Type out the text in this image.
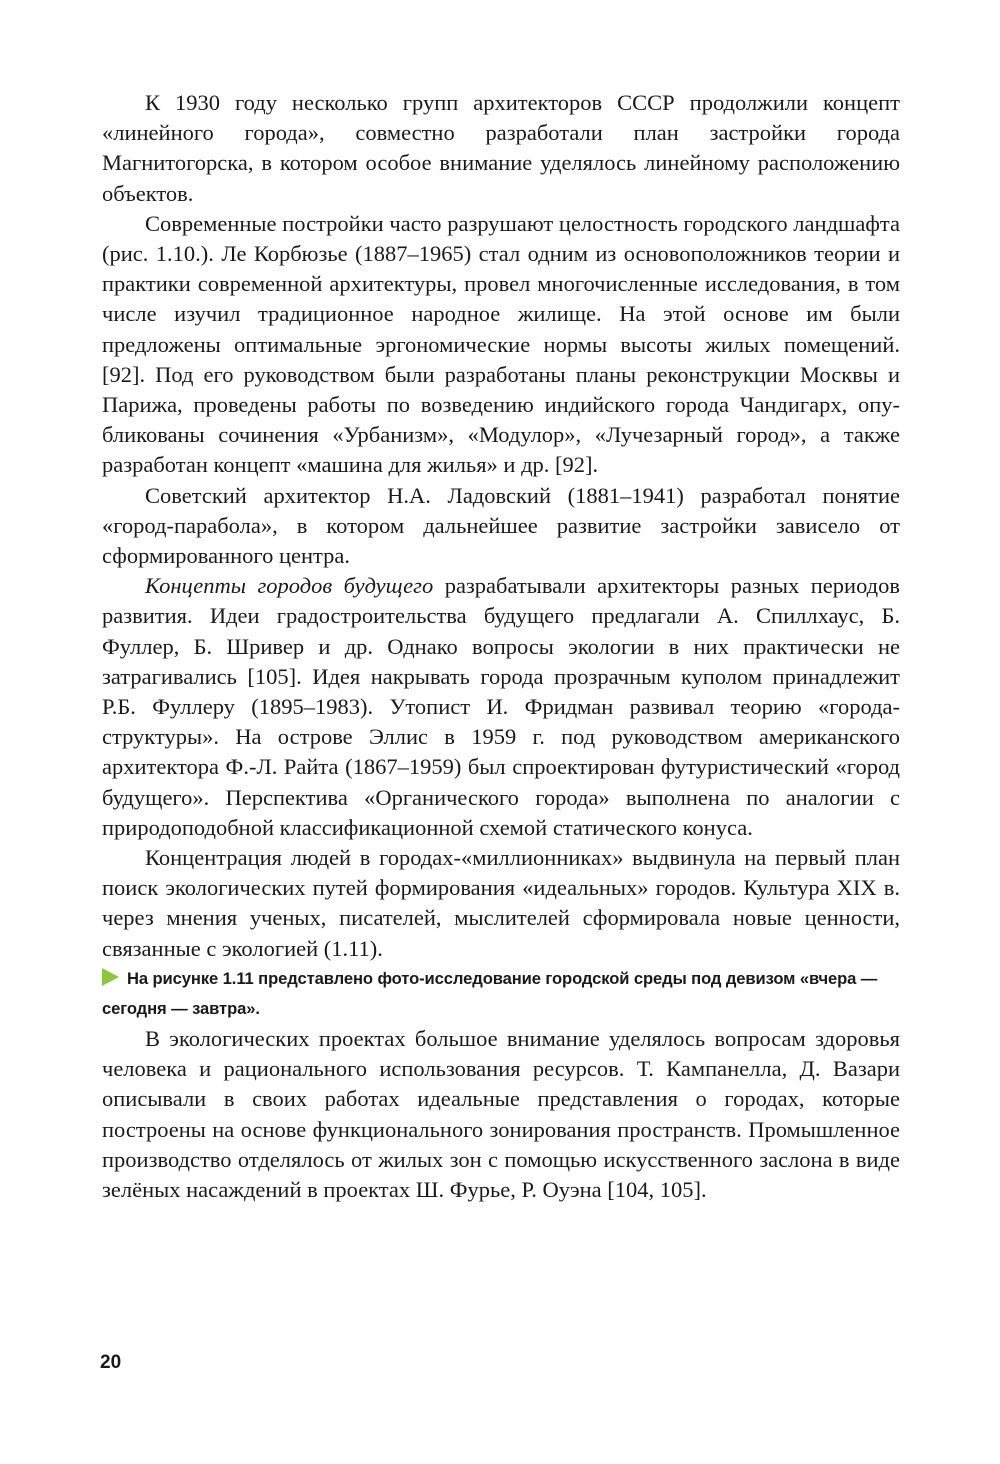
К 1930 году несколько групп архитекторов СССР продолжили концепт «линейного города», совместно разработали план застройки города Магнитогорска, в котором особое внимание уделялось линейному расположению объектов.

Современные постройки часто разрушают целостность городского ландшафта (рис. 1.10.). Ле Корбюзье (1887–1965) стал одним из основоположников теории и практики современной архитектуры, провел многочисленные исследования, в том числе изучил традиционное народное жилище. На этой основе им были предложены оптимальные эргономические нормы высоты жилых помещений. [92]. Под его руководством были разработаны планы реконструкции Москвы и Парижа, проведены работы по возведению индийского города Чандигарх, опубликованы сочинения «Урбанизм», «Модулор», «Лучезарный город», а также разработан концепт «машина для жилья» и др. [92].

Советский архитектор Н.А. Ладовский (1881–1941) разработал понятие «город-парабола», в котором дальнейшее развитие застройки зависело от сформированного центра.

Концепты городов будущего разрабатывали архитекторы разных периодов развития. Идеи градостроительства будущего предлагали А. Спиллхаус, Б. Фуллер, Б. Шривер и др. Однако вопросы экологии в них практически не затрагивались [105]. Идея накрывать города прозрачным куполом принадлежит Р.Б. Фуллеру (1895–1983). Утопист И. Фридман развивал теорию «города-структуры». На острове Эллис в 1959 г. под руководством американского архитектора Ф.-Л. Райта (1867–1959) был спроектирован футуристический «город будущего». Перспектива «Органического города» выполнена по аналогии с природоподобной классификационной схемой статического конуса.

Концентрация людей в городах-«миллионниках» выдвинула на первый план поиск экологических путей формирования «идеальных» городов. Культура XIX в. через мнения ученых, писателей, мыслителей сформировала новые ценности, связанные с экологией (1.11).

На рисунке 1.11 представлено фото-исследование городской среды под девизом «вчера — сегодня — завтра».

В экологических проектах большое внимание уделялось вопросам здоровья человека и рационального использования ресурсов. Т. Кампанелла, Д. Вазари описывали в своих работах идеальные представления о городах, которые построены на основе функционального зонирования пространств. Промышленное производство отделялось от жилых зон с помощью искусственного заслона в виде зелёных насаждений в проектах Ш. Фурье, Р. Оуэна [104, 105].

20
